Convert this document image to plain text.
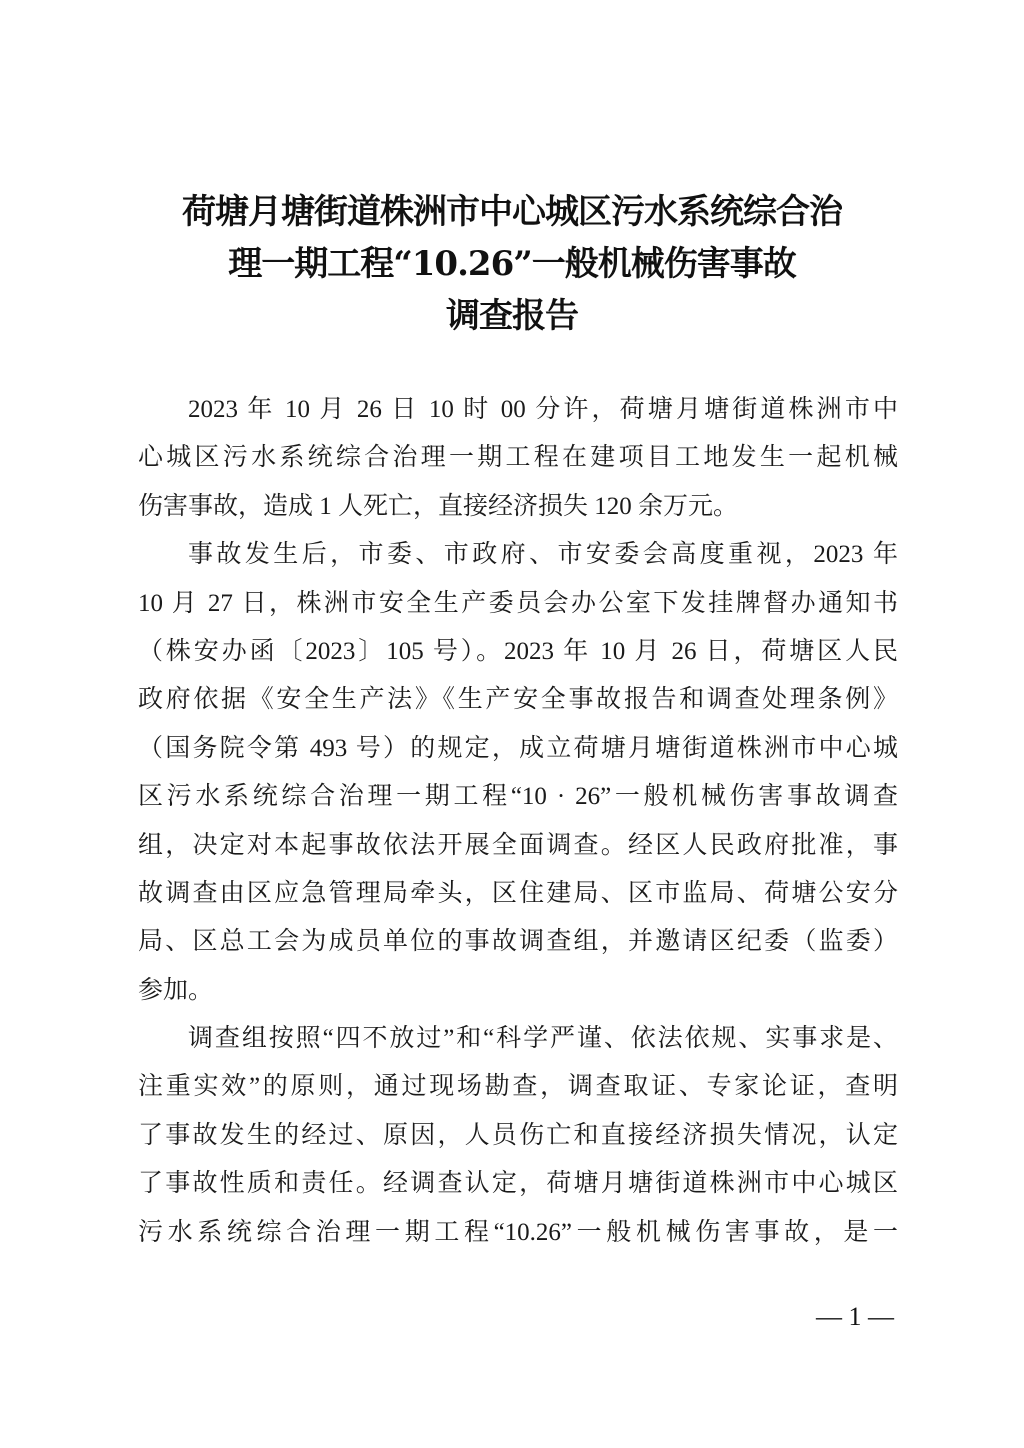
荷塘月塘街道株洲市中心城区污水系统综合治
理一期工程“10.26”一般机械伤害事故
调查报告
2023 年 10 月 26 日 10 时 00 分许，荷塘月塘街道株洲市中
心城区污水系统综合治理一期工程在建项目工地发生一起机械
伤害事故，造成 1 人死亡，直接经济损失 120 余万元。
事故发生后，市委、市政府、市安委会高度重视，2023 年
10 月 27 日，株洲市安全生产委员会办公室下发挂牌督办通知书
（株安办函〔2023〕105 号）。2023 年 10 月 26 日，荷塘区人民
政府依据《安全生产法》《生产安全事故报告和调查处理条例》
（国务院令第 493 号）的规定，成立荷塘月塘街道株洲市中心城
区污水系统综合治理一期工程“10 · 26”一般机械伤害事故调查
组，决定对本起事故依法开展全面调查。经区人民政府批准，事
故调查由区应急管理局牵头，区住建局、区市监局、荷塘公安分
局、区总工会为成员单位的事故调查组，并邀请区纪委（监委）
参加。
调查组按照“四不放过”和“科学严谨、依法依规、实事求是、
注重实效”的原则，通过现场勘查，调查取证、专家论证，查明
了事故发生的经过、原因，人员伤亡和直接经济损失情况，认定
了事故性质和责任。经调查认定，荷塘月塘街道株洲市中心城区
污水系统综合治理一期工程“10.26”一般机械伤害事故，是一
— 1 —
